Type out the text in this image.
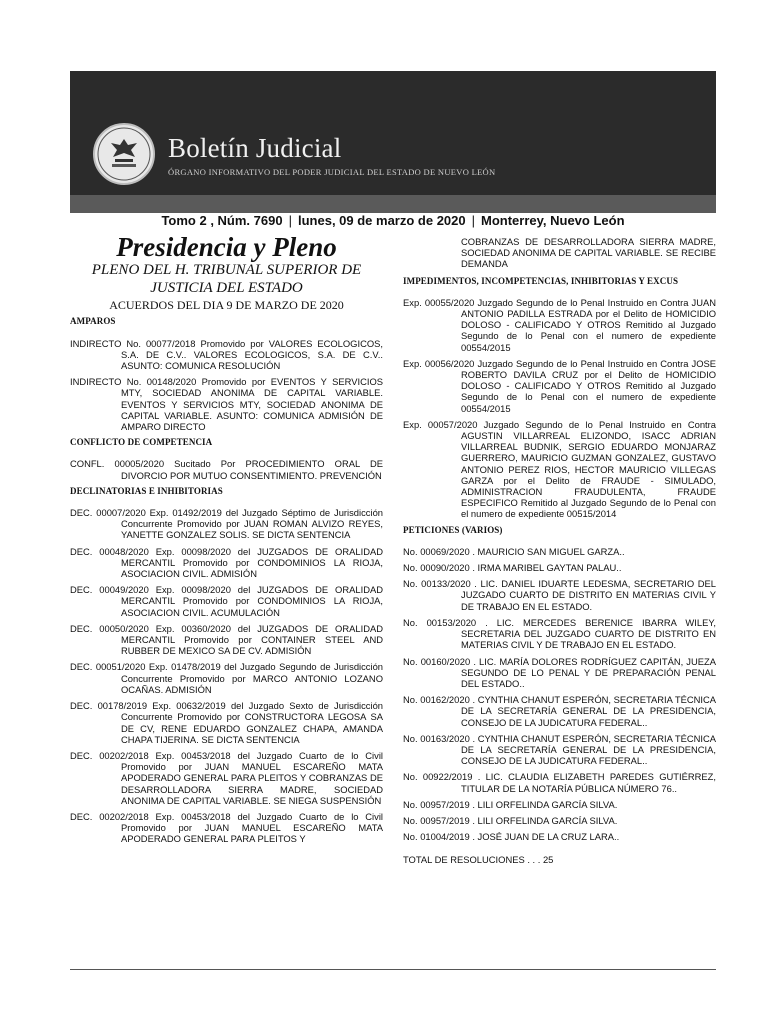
Boletín Judicial
ÓRGANO INFORMATIVO DEL PODER JUDICIAL DEL ESTADO DE NUEVO LEÓN
Tomo 2 , Núm. 7690 | lunes, 09 de marzo de 2020 | Monterrey, Nuevo León
Presidencia y Pleno
PLENO DEL H. TRIBUNAL SUPERIOR DE JUSTICIA DEL ESTADO
ACUERDOS DEL DIA 9 DE MARZO DE 2020
AMPAROS
INDIRECTO No. 00077/2018 Promovido por VALORES ECOLOGICOS, S.A. DE C.V.. VALORES ECOLOGICOS, S.A. DE C.V.. ASUNTO: COMUNICA RESOLUCIÓN
INDIRECTO No. 00148/2020 Promovido por EVENTOS Y SERVICIOS MTY, SOCIEDAD ANONIMA DE CAPITAL VARIABLE. EVENTOS Y SERVICIOS MTY, SOCIEDAD ANONIMA DE CAPITAL VARIABLE. ASUNTO: COMUNICA ADMISIÓN DE AMPARO DIRECTO
CONFLICTO DE COMPETENCIA
CONFL. 00005/2020 Sucitado Por PROCEDIMIENTO ORAL DE DIVORCIO POR MUTUO CONSENTIMIENTO. PREVENCIÓN
DECLINATORIAS E INHIBITORIAS
DEC. 00007/2020 Exp. 01492/2019 del Juzgado Séptimo de Jurisdicción Concurrente Promovido por JUAN ROMAN ALVIZO REYES, YANETTE GONZALEZ SOLIS. SE DICTA SENTENCIA
DEC. 00048/2020 Exp. 00098/2020 del JUZGADOS DE ORALIDAD MERCANTIL Promovido por CONDOMINIOS LA RIOJA, ASOCIACION CIVIL. ADMISIÓN
DEC. 00049/2020 Exp. 00098/2020 del JUZGADOS DE ORALIDAD MERCANTIL Promovido por CONDOMINIOS LA RIOJA, ASOCIACION CIVIL. ACUMULACIÓN
DEC. 00050/2020 Exp. 00360/2020 del JUZGADOS DE ORALIDAD MERCANTIL Promovido por CONTAINER STEEL AND RUBBER DE MEXICO SA DE CV. ADMISIÓN
DEC. 00051/2020 Exp. 01478/2019 del Juzgado Segundo de Jurisdicción Concurrente Promovido por MARCO ANTONIO LOZANO OCAÑAS. ADMISIÓN
DEC. 00178/2019 Exp. 00632/2019 del Juzgado Sexto de Jurisdicción Concurrente Promovido por CONSTRUCTORA LEGOSA SA DE CV, RENE EDUARDO GONZALEZ CHAPA, AMANDA CHAPA TIJERINA. SE DICTA SENTENCIA
DEC. 00202/2018 Exp. 00453/2018 del Juzgado Cuarto de lo Civil Promovido por JUAN MANUEL ESCAREÑO MATA APODERADO GENERAL PARA PLEITOS Y COBRANZAS DE DESARROLLADORA SIERRA MADRE, SOCIEDAD ANONIMA DE CAPITAL VARIABLE. SE NIEGA SUSPENSIÓN
DEC. 00202/2018 Exp. 00453/2018 del Juzgado Cuarto de lo Civil Promovido por JUAN MANUEL ESCAREÑO MATA APODERADO GENERAL PARA PLEITOS Y
COBRANZAS DE DESARROLLADORA SIERRA MADRE, SOCIEDAD ANONIMA DE CAPITAL VARIABLE. SE RECIBE DEMANDA
IMPEDIMENTOS, INCOMPETENCIAS, INHIBITORIAS Y EXCUS
Exp. 00055/2020 Juzgado Segundo de lo Penal Instruido en Contra JUAN ANTONIO PADILLA ESTRADA por el Delito de HOMICIDIO DOLOSO - CALIFICADO Y OTROS Remitido al Juzgado Segundo de lo Penal con el numero de expediente 00554/2015
Exp. 00056/2020 Juzgado Segundo de lo Penal Instruido en Contra JOSE ROBERTO DAVILA CRUZ por el Delito de HOMICIDIO DOLOSO - CALIFICADO Y OTROS Remitido al Juzgado Segundo de lo Penal con el numero de expediente 00554/2015
Exp. 00057/2020 Juzgado Segundo de lo Penal Instruido en Contra AGUSTIN VILLARREAL ELIZONDO, ISACC ADRIAN VILLARREAL BUDNIK, SERGIO EDUARDO MONJARAZ GUERRERO, MAURICIO GUZMAN GONZALEZ, GUSTAVO ANTONIO PEREZ RIOS, HECTOR MAURICIO VILLEGAS GARZA por el Delito de FRAUDE - SIMULADO, ADMINISTRACION FRAUDULENTA, FRAUDE ESPECIFICO Remitido al Juzgado Segundo de lo Penal con el numero de expediente 00515/2014
PETICIONES (VARIOS)
No. 00069/2020 . MAURICIO SAN MIGUEL GARZA..
No. 00090/2020 . IRMA MARIBEL GAYTAN PALAU..
No. 00133/2020 . LIC. DANIEL IDUARTE LEDESMA, SECRETARIO DEL JUZGADO CUARTO DE DISTRITO EN MATERIAS CIVIL Y DE TRABAJO EN EL ESTADO.
No. 00153/2020 . LIC. MERCEDES BERENICE IBARRA WILEY, SECRETARIA DEL JUZGADO CUARTO DE DISTRITO EN MATERIAS CIVIL Y DE TRABAJO EN EL ESTADO.
No. 00160/2020 . LIC. MARÍA DOLORES RODRÍGUEZ CAPITÁN, JUEZA SEGUNDO DE LO PENAL Y DE PREPARACIÓN PENAL DEL ESTADO..
No. 00162/2020 . CYNTHIA CHANUT ESPERÓN, SECRETARIA TÉCNICA DE LA SECRETARÍA GENERAL DE LA PRESIDENCIA, CONSEJO DE LA JUDICATURA FEDERAL..
No. 00163/2020 . CYNTHIA CHANUT ESPERÓN, SECRETARIA TÉCNICA DE LA SECRETARÍA GENERAL DE LA PRESIDENCIA, CONSEJO DE LA JUDICATURA FEDERAL..
No. 00922/2019 . LIC. CLAUDIA ELIZABETH PAREDES GUTIÉRREZ, TITULAR DE LA NOTARÍA PÚBLICA NÚMERO 76..
No. 00957/2019 . LILI ORFELINDA GARCÍA SILVA.
No. 00957/2019 . LILI ORFELINDA GARCÍA SILVA.
No. 01004/2019 . JOSÉ JUAN DE LA CRUZ LARA..
TOTAL DE RESOLUCIONES . . . 25
